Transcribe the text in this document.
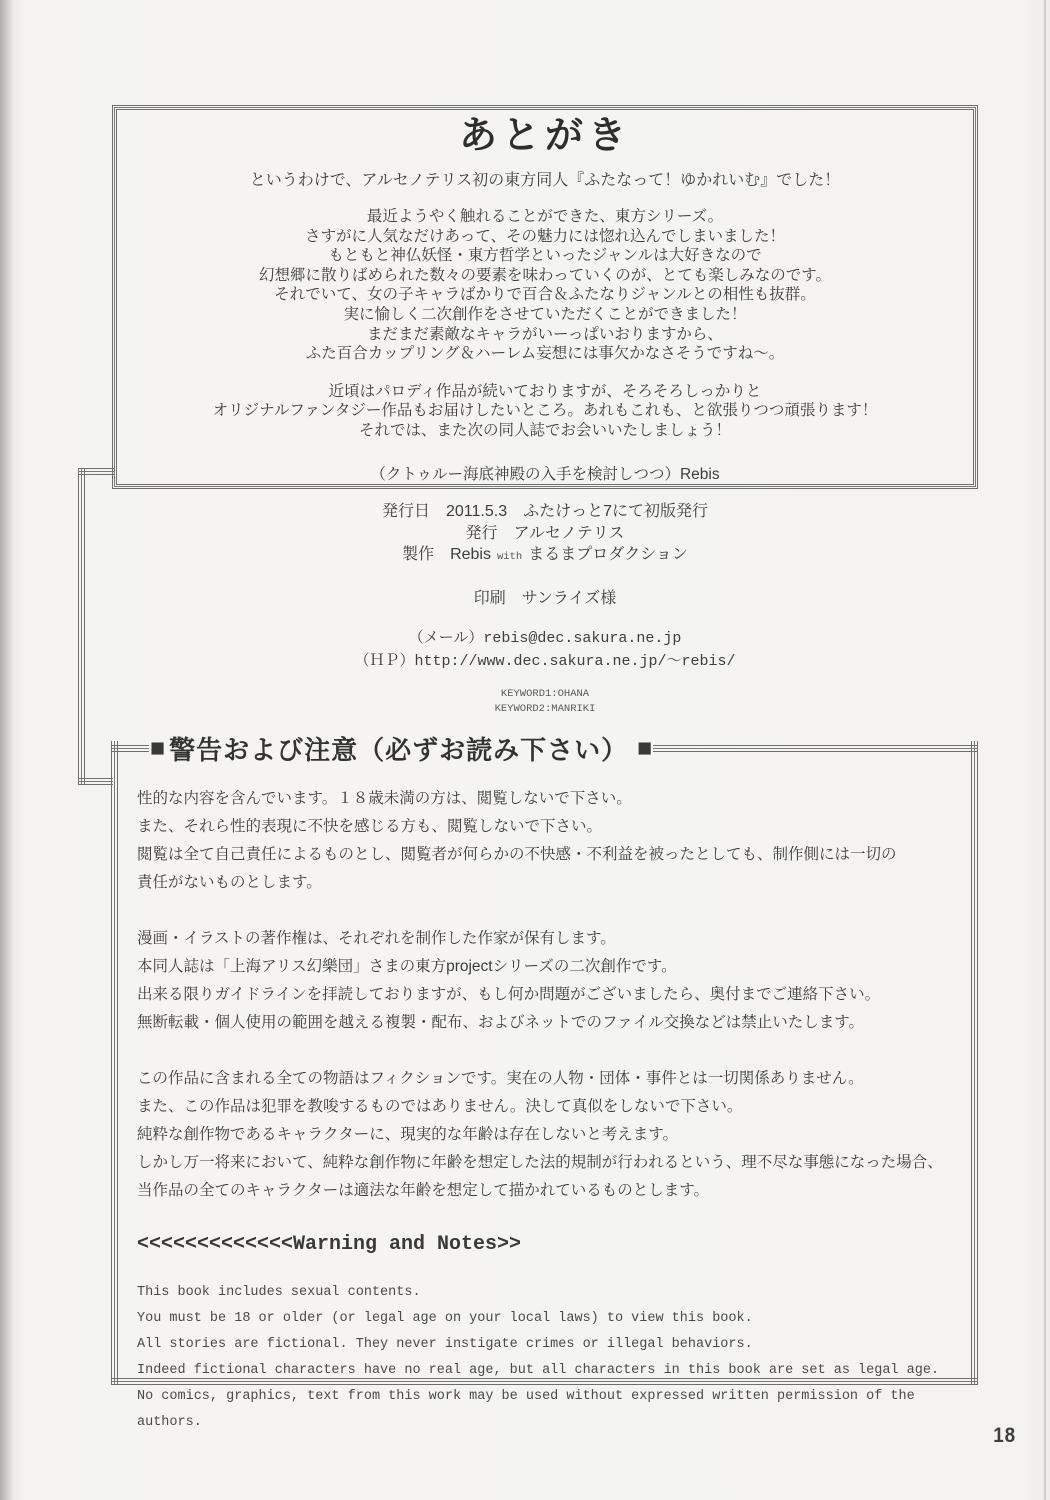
あとがき

というわけで、アルセノテリス初の東方同人『ふたなって！ゆかれいむ』でした！

最近ようやく触れることができた、東方シリーズ。
さすがに人気なだけあって、その魅力には惚れ込んでしまいました！
もともと神仏妖怪・東方哲学といったジャンルは大好きなので
幻想郷に散りばめられた数々の要素を味わっていくのが、とても楽しみなのです。
それでいて、女の子キャラばかりで百合＆ふたなりジャンルとの相性も抜群。
実に愉しく二次創作をさせていただくことができました！
まだまだ素敵なキャラがいーっぱいおりますから、
ふた百合カップリング＆ハーレム妄想には事欠かなさそうですね～。
近頃はパロディ作品が続いておりますが、そろそろしっかりと
オリジナルファンタジー作品もお届けしたいところ。あれもこれも、と欲張りつつ頑張ります！
それでは、また次の同人誌でお会いいたしましょう！

（クトゥルー海底神殿の入手を検討しつつ）Rebis

発行日　2011.5.3　ふたけっと7にて初版発行
発行　アルセノテリス
製作　Rebis with まるまプロダクション
印刷　サンライズ様
（メール）rebis@dec.sakura.ne.jp
（ＨＰ）http://www.dec.sakura.ne.jp/～rebis/
KEYWORD1:OHANA
KEYWORD2:MANRIKI
■ 警告および注意（必ずお読み下さい） ■
性的な内容を含んでいます。１８歳未満の方は、閲覧しないで下さい。
また、それら性的表現に不快を感じる方も、閲覧しないで下さい。
閲覧は全て自己責任によるものとし、閲覧者が何らかの不快感・不利益を被ったとしても、制作側には一切の
責任がないものとします。
漫画・イラストの著作権は、それぞれを制作した作家が保有します。
本同人誌は「上海アリス幻樂団」さまの東方projectシリーズの二次創作です。
出来る限りガイドラインを拝読しておりますが、もし何か問題がございましたら、奥付までご連絡下さい。
無断転載・個人使用の範囲を越える複製・配布、およびネットでのファイル交換などは禁止いたします。
この作品に含まれる全ての物語はフィクションです。実在の人物・団体・事件とは一切関係ありません。
また、この作品は犯罪を教唆するものではありません。決して真似をしないで下さい。
純粋な創作物であるキャラクターに、現実的な年齢は存在しないと考えます。
しかし万一将来において、純粋な創作物に年齢を想定した法的規制が行われるという、理不尽な事態になった場合、
当作品の全てのキャラクターは適法な年齢を想定して描かれているものとします。
<<<<<<<<<<<<<Warning and Notes>>
This book includes sexual contents.
You must be 18 or older (or legal age on your local laws) to view this book.
All stories are fictional. They never instigate crimes or illegal behaviors.
Indeed fictional characters have no real age, but all characters in this book are set as legal age.
No comics, graphics, text from this work may be used without expressed written permission of the authors.
18
